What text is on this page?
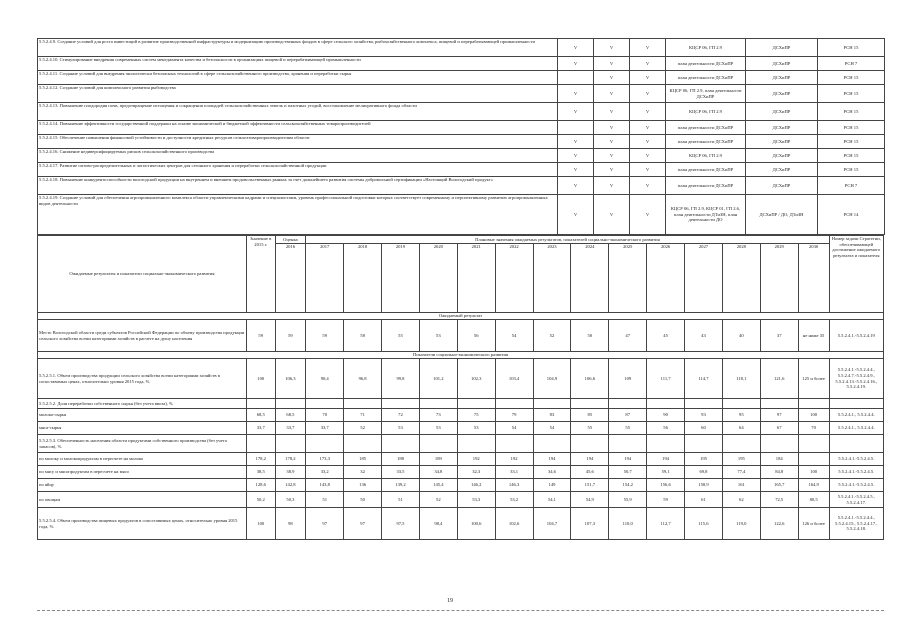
5.5.2.4.9. Создание условий для роста инвестиций в развитие производственной инфраструктуры и модернизацию производственных фондов в сфере сельского хозяйства, рыбохозяйственного комплекса, пищевой и перерабатывающей промышленности	V	V	V	КЦСР 06, ГП 2.9	ДСХиПР	РСН 15
5.5.2.4.10. Стимулирование внедрения современных систем менеджмента качества и безопасности в организациях пищевой и перерабатывающей промышленности	V	V	V	план деятельности ДСХиПР	ДСХиПР	РСН 7
5.5.2.4.11. Создание условий для внедрения экологически безопасных технологий в сфере сельскохозяйственного производства, хранения и переработки сырья		V	V	план деятельности ДСХиПР	ДСХиПР	РСН 15
5.5.2.4.12. Создание условий для комплексного развития рыбоводства	V	V	V	КЦСР 06, ГП 2.9, план деятельности ДСХиПР	ДСХиПР	РСН 15
5.5.2.4.13. Повышение плодородия почв, предотвращение истощения и сокращения площадей сельскохозяйственных земель и пахотных угодий, восстановление мелиоративного фонда области	V	V	V	КЦСР 06, ГП 2.9	ДСХиПР	РСН 15
5.5.2.4.14. Повышение эффективности государственной поддержки на основе экономической и бюджетной эффективности сельскохозяйственных товаропроизводителей		V	V	план деятельности ДСХиПР	ДСХиПР	РСН 15
5.5.2.4.15. Обеспечение повышения финансовой устойчивости и доступности кредитных ресурсов сельхозтоваропроизводителям области	V	V	V	план деятельности ДСХиПР	ДСХиПР	РСН 15
5.5.2.4.16. Снижение недиверсифицируемых рисков сельскохозяйственного производства	V	V	V	КЦСР 06, ГП 2.9	ДСХиПР	РСН 15
5.5.2.4.17. Развитие оптово-распределительных и логистических центров для сезонного хранения и переработки сельскохозяйственной продукции	V	V	V	план деятельности ДСХиПР	ДСХиПР	РСН 15
5.5.2.4.18. Повышение конкурентоспособности вологодской продукции на внутреннем и внешнем продовольственных рынках за счет дальнейшего развития системы добровольной сертификации «Настоящий Вологодский продукт»	V	V	V	план деятельности ДСХиПР	ДСХиПР	РСН 7
5.5.2.4.19. Создание условий для обеспечения агропромышленного комплекса области управленческими кадрами и специалистами, уровень профессиональной подготовки которых соответствует современному и перспективному развитию агропромышленных видов деятельности	V	V	V	КЦСР 06, ГП 2.9, КЦСР 01, ГП 2.6, план деятельности ДТиЗН, план деятельности ДО	ДСХиПР / ДО, ДТиЗН	РСН 14
Ожидаемые результаты и показатели социально-экономического развития	Значение в 2015 г.	Оценка	Плановые значения ожидаемых результатов, показателей социально-экономического развития														Номер задачи Стратегии, обеспечивающей достижение ожидаемого результата и показателя
		2016	2017	2018	2019	2020	2021	2022	2023	2024	2025	2026	2027	2028	2029	2030	
Ожидаемый результат																	
Место Вологодской области среди субъектов Российской Федерации по объему производства продукции сельского хозяйства всеми категориями хозяйств в расчете на душу населения	59	59	59	58	55	53	56	54	52	50	47	45	43	40	37	не ниже 35	5.5.2.4.1.-5.5.2.4.19
Показатели социально-экономического развития																	
5.5.2.5.1. Объем производства продукции сельского хозяйства всеми категориями хозяйств в сопоставимых ценах, относительно уровня 2015 года, %	100	106,3	90,4	96,8	99,8	101,2	102,3	103,4	104,9	106,6	109	111,7	114,7	118,1	121,6	125 и более	5.5.2.4.1.-5.5.2.4.4., 5.5.2.4.7.-5.5.2.4.9., 5.5.2.4.13.-5.5.2.4.16., 5.5.2.4.19.
5.5.2.5.2. Доля переработки собственного сырья (без учета ввоза), %																	
молока-сырья	68,5	68,5	70	71	72	73	75	79	83	85	87	90	93	95	97	100	5.5.2.4.1., 5.5.2.4.4.
мяса-сырья	33,7	33,7	33,7	52	53	53	53	54	54	55	55	56	60	64	67	70	5.5.2.4.1., 5.5.2.4.4.
5.5.2.5.3. Обеспеченность населения области продуктами собственного производства (без учета запасов), %																	
по молоку и молокопродуктам в пересчете на молоко	178,2	178,2	173,3	185	188	189	192	192	194	194	194	194	195	195	184		5.5.2.4.1.-5.5.2.4.5.
по мясу и мясопродуктам в пересчете на мясо	38,5	38,9	33,2	32	33,5	34,8	32,3	33,1	34,6	45,6	50,7	59,1	69,8	77,4	84,8	100	5.5.2.4.1.-5.5.2.4.5.
по яйцу	128,6	142,8	143,8	136	139,2	145,4	146,2	146,3	149	151,7	154,2	156,6	158,9	161	165,7	164,9	5.5.2.4.1.-5.5.2.4.5.
по овощам	50,2	50,3	51	50	51	52	53,3	53,2	54,1	54,9	55,9	59	61	62	72,5	80,5	5.5.2.4.1.-5.5.2.4.5., 5.5.2.4.17.
5.5.2.5.4. Объем производства пищевых продуктов в сопоставимых ценах, относительно уровня 2015 года, %	100	98	97	97	97,5	98,4	100,6	102,6	104,7	107,3	110,0	112,7	115,6	119,0	122,6	126 и более	5.5.2.4.1.-5.5.2.4.4., 5.5.2.4.15., 5.5.2.4.17., 5.5.2.4.18.
19
